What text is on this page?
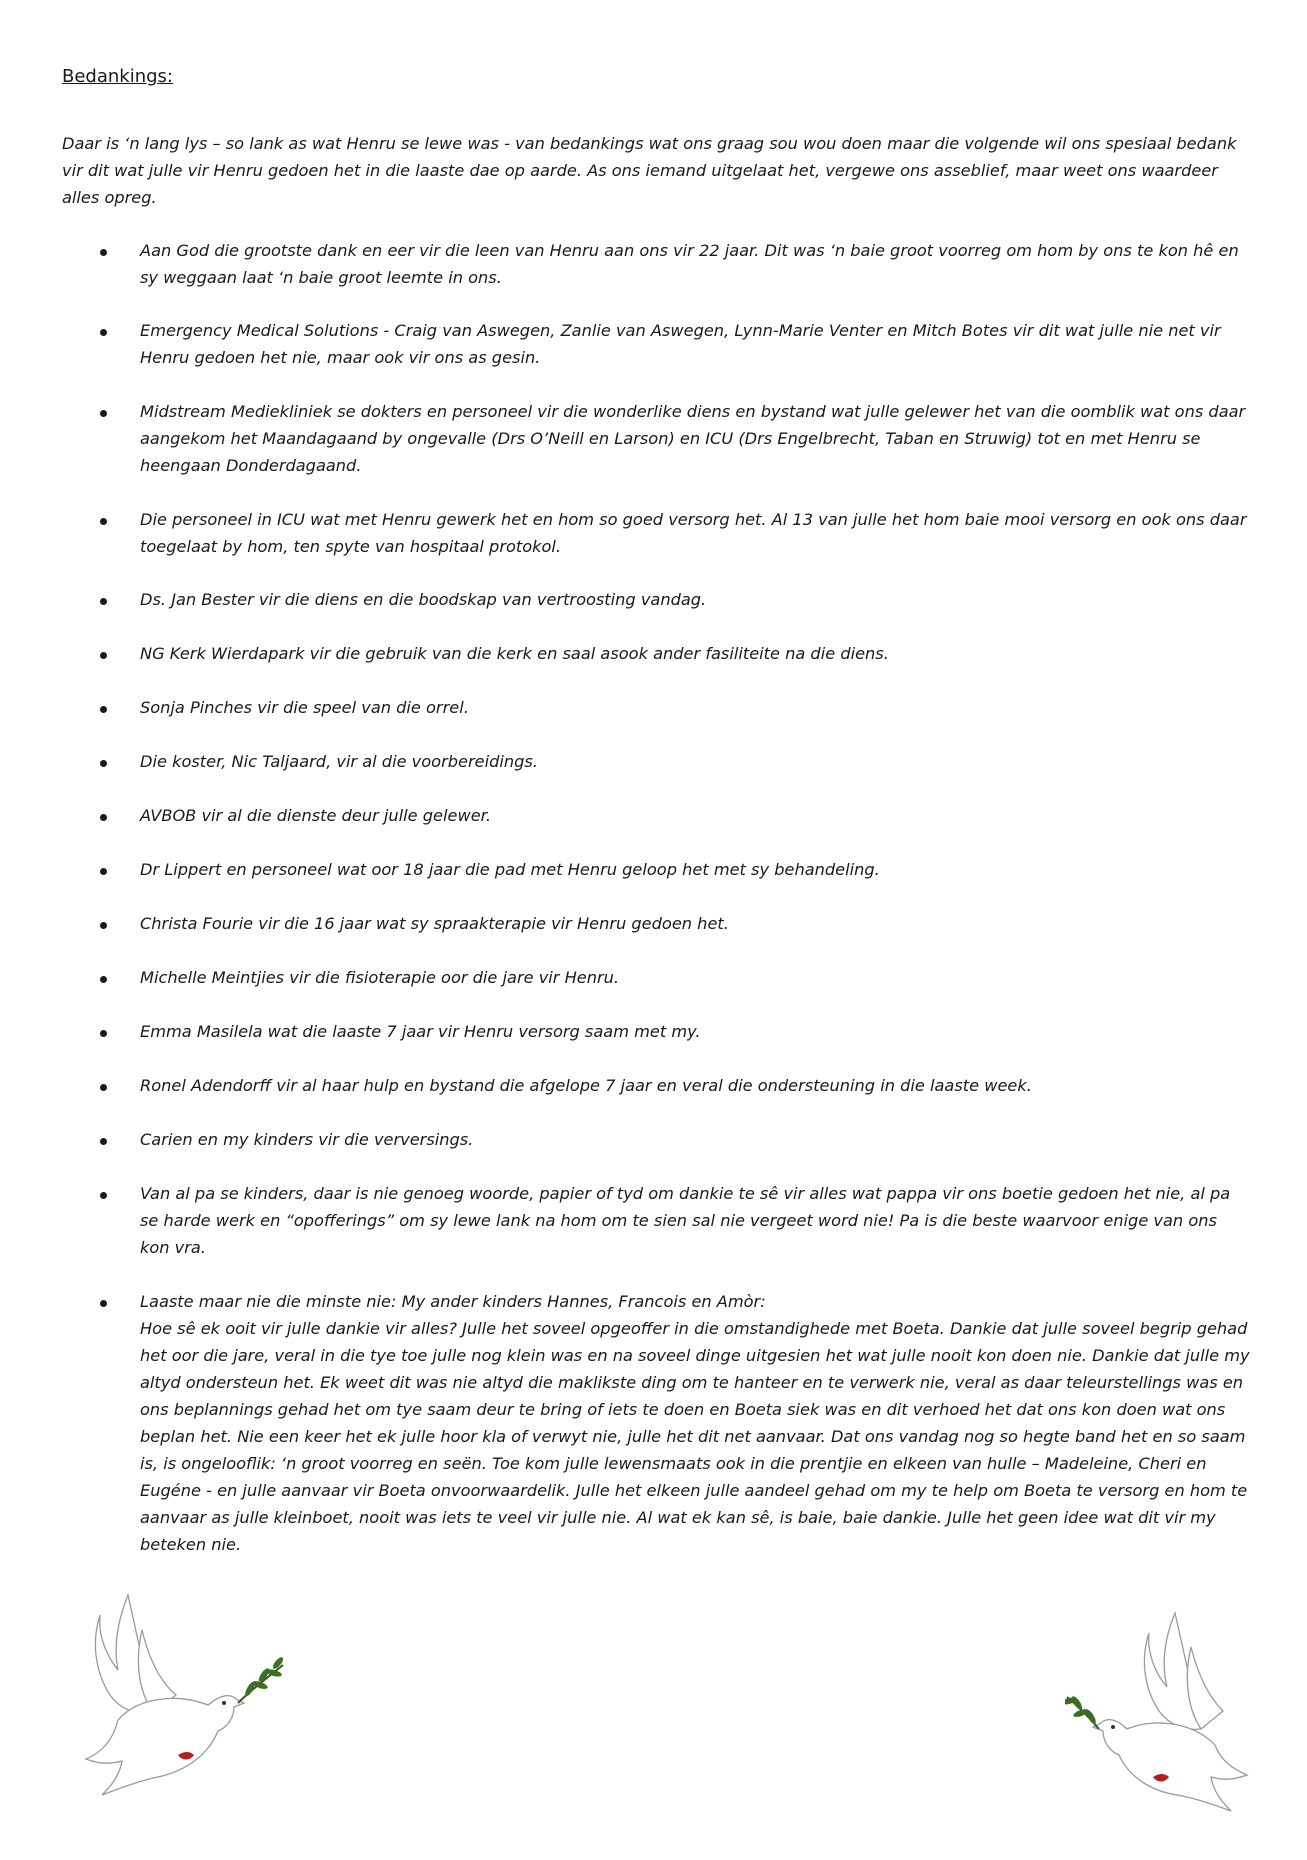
Bedankings:
Daar is ‘n lang lys – so lank as wat Henru se lewe was - van bedankings wat ons graag sou wou doen maar die volgende wil ons spesiaal bedank vir dit wat julle vir Henru gedoen het in die laaste dae op aarde. As ons iemand uitgelaat het, vergewe ons asseblief, maar weet ons waardeer alles opreg.
Aan God die grootste dank en eer vir die leen van Henru aan ons vir 22 jaar. Dit was ‘n baie groot voorreg om hom by ons te kon hê en sy weggaan laat ‘n baie groot leemte in ons.
Emergency Medical Solutions - Craig van Aswegen, Zanlie van Aswegen, Lynn-Marie Venter en Mitch Botes vir dit wat julle nie net vir Henru gedoen het nie, maar ook vir ons as gesin.
Midstream Mediekliniek se dokters en personeel vir die wonderlike diens en bystand wat julle gelewer het van die oomblik wat ons daar aangekom het Maandagaand by ongevalle (Drs O’Neill en Larson) en ICU (Drs Engelbrecht, Taban en Struwig) tot en met Henru se heengaan Donderdagaand.
Die personeel in ICU wat met Henru gewerk het en hom so goed versorg het. Al 13 van julle het hom baie mooi versorg en ook ons daar toegelaat by hom, ten spyte van hospitaal protokol.
Ds. Jan Bester vir die diens en die boodskap van vertroosting vandag.
NG Kerk Wierdapark vir die gebruik van die kerk en saal asook ander fasiliteite na die diens.
Sonja Pinches vir die speel van die orrel.
Die koster, Nic Taljaard, vir al die voorbereidings.
AVBOB vir al die dienste deur julle gelewer.
Dr Lippert en personeel wat oor 18 jaar die pad met Henru geloop het met sy behandeling.
Christa Fourie vir die 16 jaar wat sy spraakterapie vir Henru gedoen het.
Michelle Meintjies vir die fisioterapie oor die jare vir Henru.
Emma Masilela wat die laaste 7 jaar vir Henru versorg saam met my.
Ronel Adendorff vir al haar hulp en bystand die afgelope 7 jaar en veral die ondersteuning in die laaste week.
Carien en my kinders vir die verversings.
Van al pa se kinders, daar is nie genoeg woorde, papier of tyd om dankie te sê vir alles wat pappa vir ons boetie gedoen het nie, al pa se harde werk en “opofferings” om sy lewe lank na hom om te sien sal nie vergeet word nie! Pa is die beste waarvoor enige van ons kon vra.
Laaste maar nie die minste nie: My ander kinders Hannes, Francois en Amòr:
Hoe sê ek ooit vir julle dankie vir alles? Julle het soveel opgeoffer in die omstandighede met Boeta. Dankie dat julle soveel begrip gehad het oor die jare, veral in die tye toe julle nog klein was en na soveel dinge uitgesien het wat julle nooit kon doen nie. Dankie dat julle my altyd ondersteun het. Ek weet dit was nie altyd die maklikste ding om te hanteer en te verwerk nie, veral as daar teleurstellings was en ons beplannings gehad het om tye saam deur te bring of iets te doen en Boeta siek was en dit verhoed het dat ons kon doen wat ons beplan het. Nie een keer het ek julle hoor kla of verwyt nie, julle het dit net aanvaar. Dat ons vandag nog so hegte band het en so saam is, is ongelooflik: ‘n groot voorreg en seën. Toe kom julle lewensmaats ook in die prentjie en elkeen van hulle – Madeleine, Cheri en Eugéne - en julle aanvaar vir Boeta onvoorwaardelik. Julle het elkeen julle aandeel gehad om my te help om Boeta te versorg en hom te aanvaar as julle kleinboet, nooit was iets te veel vir julle nie. Al wat ek kan sê, is baie, baie dankie. Julle het geen idee wat dit vir my beteken nie.
